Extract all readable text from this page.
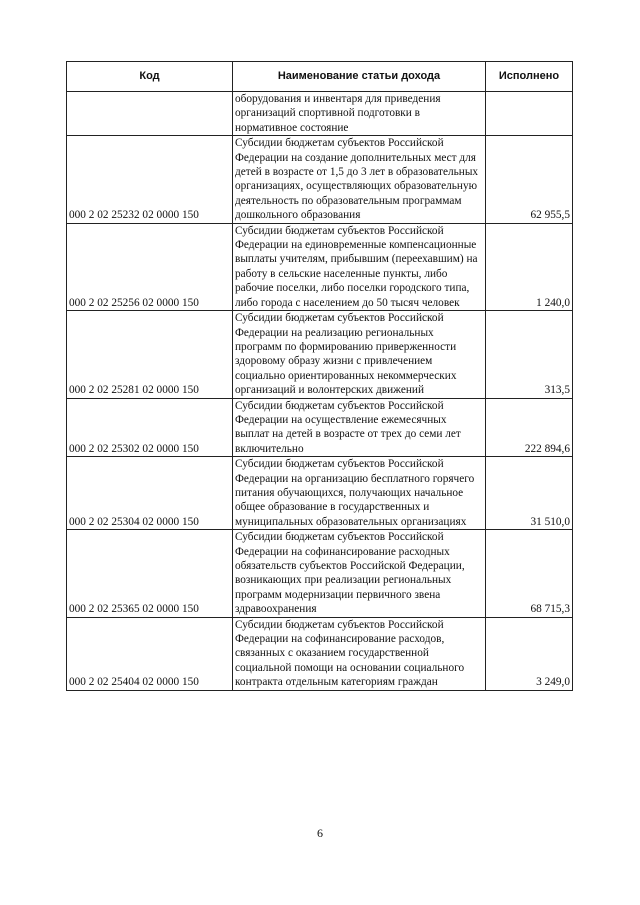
Код	Наименование статьи дохода	Исполнено
	оборудования и инвентаря для приведения организаций спортивной подготовки в нормативное состояние	
000 2 02 25232 02 0000 150	Субсидии бюджетам субъектов Российской Федерации на создание дополнительных мест для детей в возрасте от 1,5 до 3 лет в образовательных организациях, осуществляющих образовательную деятельность по образовательным программам дошкольного образования	62 955,5
000 2 02 25256 02 0000 150	Субсидии бюджетам субъектов Российской Федерации на единовременные компенсационные выплаты учителям, прибывшим (переехавшим) на работу в сельские населенные пункты, либо рабочие поселки, либо поселки городского типа, либо города с населением до 50 тысяч человек	1 240,0
000 2 02 25281 02 0000 150	Субсидии бюджетам субъектов Российской Федерации на реализацию региональных программ по формированию приверженности здоровому образу жизни с привлечением социально ориентированных некоммерческих организаций и волонтерских движений	313,5
000 2 02 25302 02 0000 150	Субсидии бюджетам субъектов Российской Федерации на осуществление ежемесячных выплат на детей в возрасте от трех до семи лет включительно	222 894,6
000 2 02 25304 02 0000 150	Субсидии бюджетам субъектов Российской Федерации на организацию бесплатного горячего питания обучающихся, получающих начальное общее образование в государственных и муниципальных образовательных организациях	31 510,0
000 2 02 25365 02 0000 150	Субсидии бюджетам субъектов Российской Федерации на софинансирование расходных обязательств субъектов Российской Федерации, возникающих при реализации региональных программ модернизации первичного звена здравоохранения	68 715,3
000 2 02 25404 02 0000 150	Субсидии бюджетам субъектов Российской Федерации на софинансирование расходов, связанных с оказанием государственной социальной помощи на основании социального контракта отдельным категориям граждан	3 249,0
6
